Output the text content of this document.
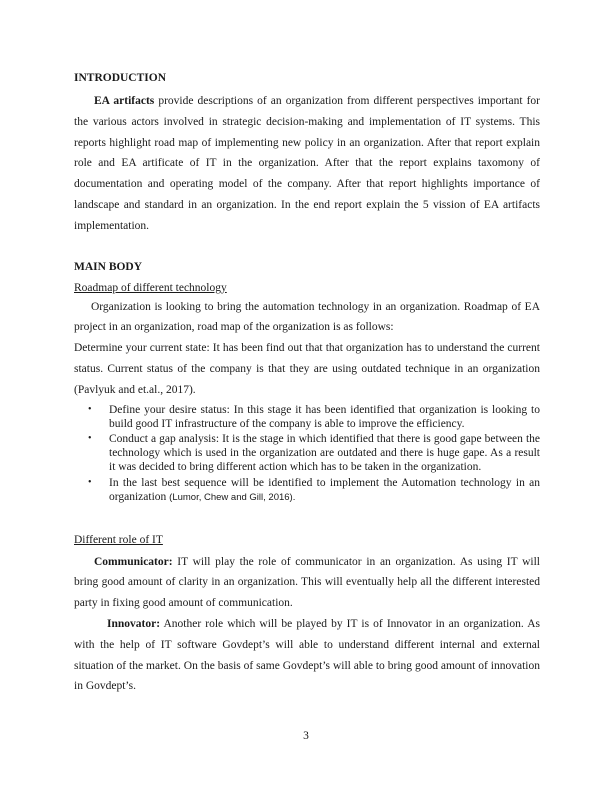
INTRODUCTION

EA artifacts provide descriptions of an organization from different perspectives important for the various actors involved in strategic decision-making and implementation of IT systems. This reports highlight road map of implementing new policy in an organization. After that report explain role and EA artificate of IT in the organization. After that the report explains taxomony of documentation and operating model of the company. After that report highlights importance of landscape and standard in an organization. In the end report explain the 5 vission of EA artifacts implementation.

MAIN BODY

Roadmap of different technology

Organization is looking to bring the automation technology in an organization. Roadmap of EA project in an organization, road map of the organization is as follows:

Determine your current state: It has been find out that that organization has to understand the current status. Current status of the company is that they are using outdated technique in an organization (Pavlyuk and et.al., 2017).

• Define your desire status: In this stage it has been identified that organization is looking to build good IT infrastructure of the company is able to improve the efficiency.
• Conduct a gap analysis: It is the stage in which identified that there is good gape between the technology which is used in the organization are outdated and there is huge gape. As a result it was decided to bring different action which has to be taken in the organization.
• In the last best sequence will be identified to implement the Automation technology in an organization (Lumor, Chew and Gill, 2016).

Different role of IT

Communicator: IT will play the role of communicator in an organization. As using IT will bring good amount of clarity in an organization. This will eventually help all the different interested party in fixing good amount of communication.

Innovator: Another role which will be played by IT is of Innovator in an organization. As with the help of IT software Govdept’s will able to understand different internal and external situation of the market. On the basis of same Govdept’s will able to bring good amount of innovation in Govdept’s.

3
